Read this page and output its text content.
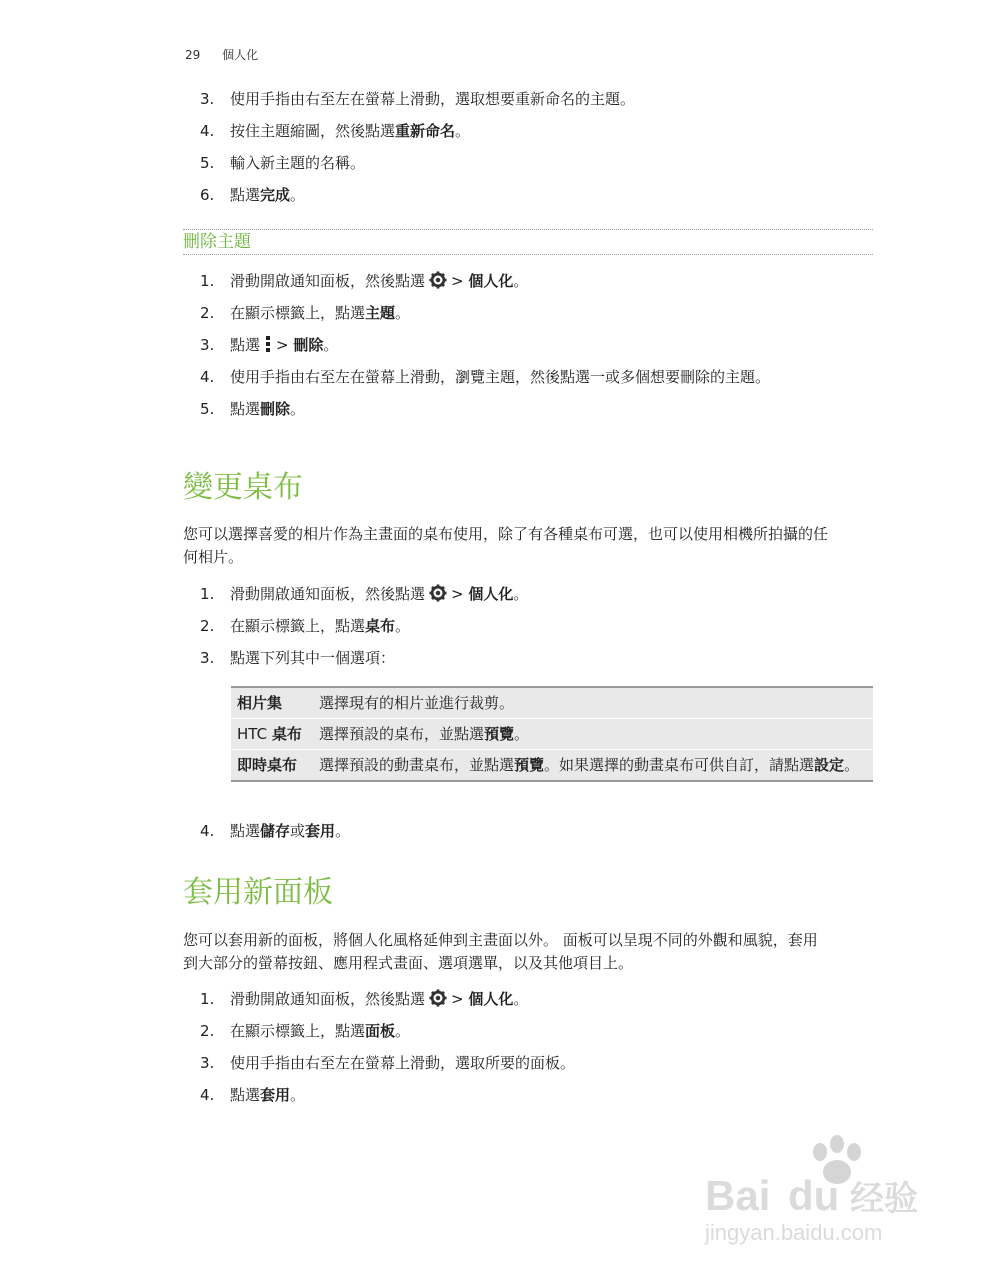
29 個人化
3.	使用手指由右至左在螢幕上滑動，選取想要重新命名的主題。
4.	按住主題縮圖，然後點選重新命名。
5.	輸入新主題的名稱。
6.	點選完成。
刪除主題
1.	滑動開啟通知面板，然後點選 > 個人化。
2.	在顯示標籤上，點選主題。
3.	點選 > 刪除。
4.	使用手指由右至左在螢幕上滑動，瀏覽主題，然後點選一或多個想要刪除的主題。
5.	點選刪除。
變更桌布
您可以選擇喜愛的相片作為主畫面的桌布使用，除了有各種桌布可選，也可以使用相機所拍攝的任
何相片。
1.	滑動開啟通知面板，然後點選 > 個人化。
2.	在顯示標籤上，點選桌布。
3.	點選下列其中一個選項：
相片集	選擇現有的相片並進行裁剪。
HTC 桌布	選擇預設的桌布，並點選預覽。
即時桌布	選擇預設的動畫桌布，並點選預覽。如果選擇的動畫桌布可供自訂，請點選設定。
4.	點選儲存或套用。
套用新面板
您可以套用新的面板，將個人化風格延伸到主畫面以外。 面板可以呈現不同的外觀和風貌，套用
到大部分的螢幕按鈕、應用程式畫面、選項選單，以及其他項目上。
1.	滑動開啟通知面板，然後點選 > 個人化。
2.	在顯示標籤上，點選面板。
3.	使用手指由右至左在螢幕上滑動，選取所要的面板。
4.	點選套用。
Bai du 经验
jingyan.baidu.com
